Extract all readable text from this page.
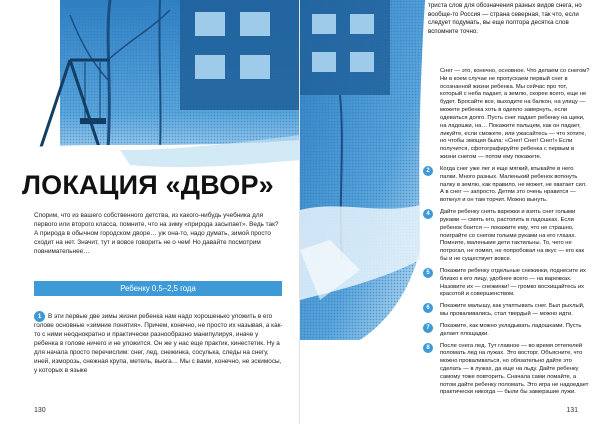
ЛОКАЦИЯ «ДВОР»

Спорим, что из вашего собственного детства, из какого-нибудь учебника для первого или второго класса, помните, что на зиму «природа засыпает». Ведь так? А природа в обычном городском дворе… уж она-то, надо думать, зимой просто сходит на нет. Значит, тут и вовсе говорить не о чем! Но давайте посмотрим повнимательнее…

Ребенку 0,5–2,5 года
1 В эти первые две зимы жизни ребенка нам надо хорошенько уложить в его голове основные «зимние понятия». Причем, конечно, не просто их называя, а как-то с ними неоднократно и практически разнообразно манипулируя, иначе у ребенка в голове ничего и не уложится. Он же у нас еще практик, кинестетик. Ну а для начала просто перечислим: снег, лед, снежинка, сосулька, следы на снегу, иней, изморозь, снежная крупа, метель, вьюга… Мы с вами, конечно, не эскимосы, у которых в языке
130

триста слов для обозначения разных видов снега, но вообще-то Россия — страна северная, так что, если следует подумать, вы еще полтора десятка слов вспомните точно.

Снег — это, конечно, основное. Что делаем со снегом? Ни в коем случае не пропускаем первый снег в осознанной жизни ребенка. Мы сейчас про тот, который с неба падает, а землю, скорее всего, еще не будет. Бросайте все, выходите на балкон, на улицу — можете ребенка хоть в одеяло завернуть, если одеваться долго. Пусть снег падает ребенку на щеки, на ладошки, на… Покажите пальцем, как он падает, ликуйте, если сможете, или ужасайтесь — что хотите, но чтобы эмоция была: «Снег! Снег! Снег!» Если получится, сфотографируйте ребенка с первым в жизни снегом — потом ему покажете.
2	Когда снег уже лег и еще мягкий, втыкайте в него палки. Много разных. Маленький ребенок воткнуть палку в землю, как правило, не может, не хватает сил. А в снег — запросто. Детям это очень нравится — воткнул и он там торчит. Можно вынуть.
4	Дайте ребенку снять варежки и взять снег голыми руками — смять его, растопить в ладошках. Если ребенок боится — покажите ему, что не страшно, поиграйте со снегом голыми руками на его глазах. Помните, маленькие дети тактильны. То, чего не потрогал, не помял, не попробовал на вкус — его как бы и не существует вовсе.
5	Покажите ребенку отдельные снежинки, поднесите их близко к его лицу, удобнее всего — на варежках. Назовите их — снежинки! — громко восхищайтесь их красотой и совершенством.
6	Покажите малышу, как утаптывать снег. Был рыхлый, мы проваливались, стал твердый — можно идти.
7	Покажите, как можно укладывать ладошками. Пусть делает площадки.
8	После снега лед. Тут главное — во время оттепелей поломать лед на лужах. Это восторг. Объясните, что можно проваливаться, но обязательно дайте это сделать — в лужах, да еще на льду. Дайте ребенку самому тоже повторить. Сначала сами ломайте, а потом дайте ребенку поломать. Это игра не надоедает практически никогда — были бы замерзшие лужи.
131
